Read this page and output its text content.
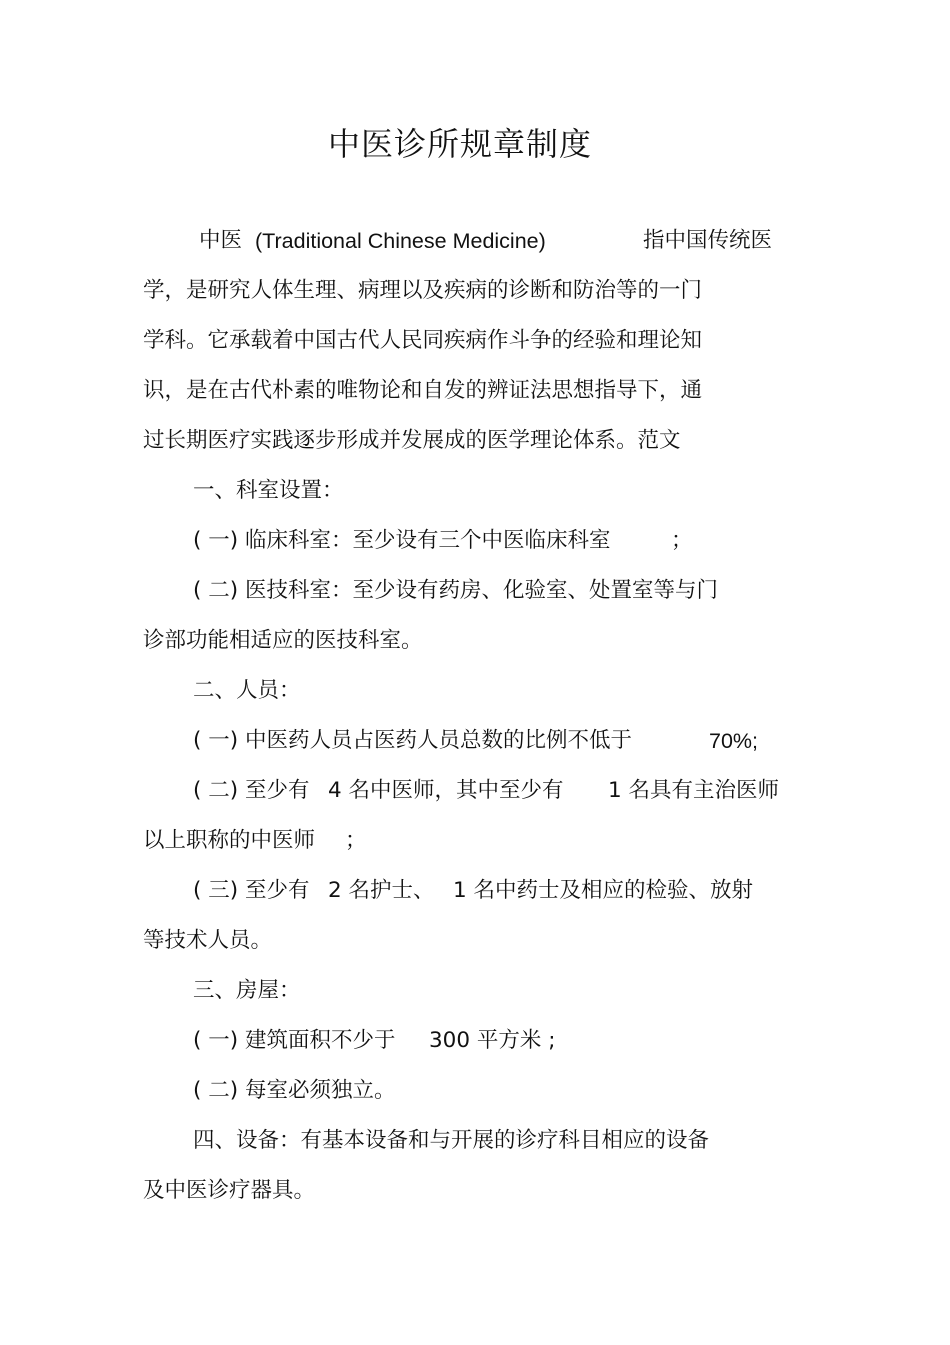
中医诊所规章制度
中医 (Traditional Chinese Medicine)	指中国传统医
学，是研究人体生理、病理以及疾病的诊断和防治等的一门
学科。它承载着中国古代人民同疾病作斗争的经验和理论知
识，是在古代朴素的唯物论和自发的辨证法思想指导下，通
过长期医疗实践逐步形成并发展成的医学理论体系。范文
一、科室设置：
( 一) 临床科室：至少设有三个中医临床科室	；
( 二) 医技科室：至少设有药房、化验室、处置室等与门
诊部功能相适应的医技科室。
二、人员：
( 一) 中医药人员占医药人员总数的比例不低于	70%;
( 二) 至少有 4 名中医师，其中至少有 1 名具有主治医师
以上职称的中医师 ；
( 三) 至少有 2 名护士、 1 名中药士及相应的检验、放射
等技术人员。
三、房屋：
( 一) 建筑面积不少于 300 平方米 ;
( 二) 每室必须独立。
四、设备：有基本设备和与开展的诊疗科目相应的设备
及中医诊疗器具。
